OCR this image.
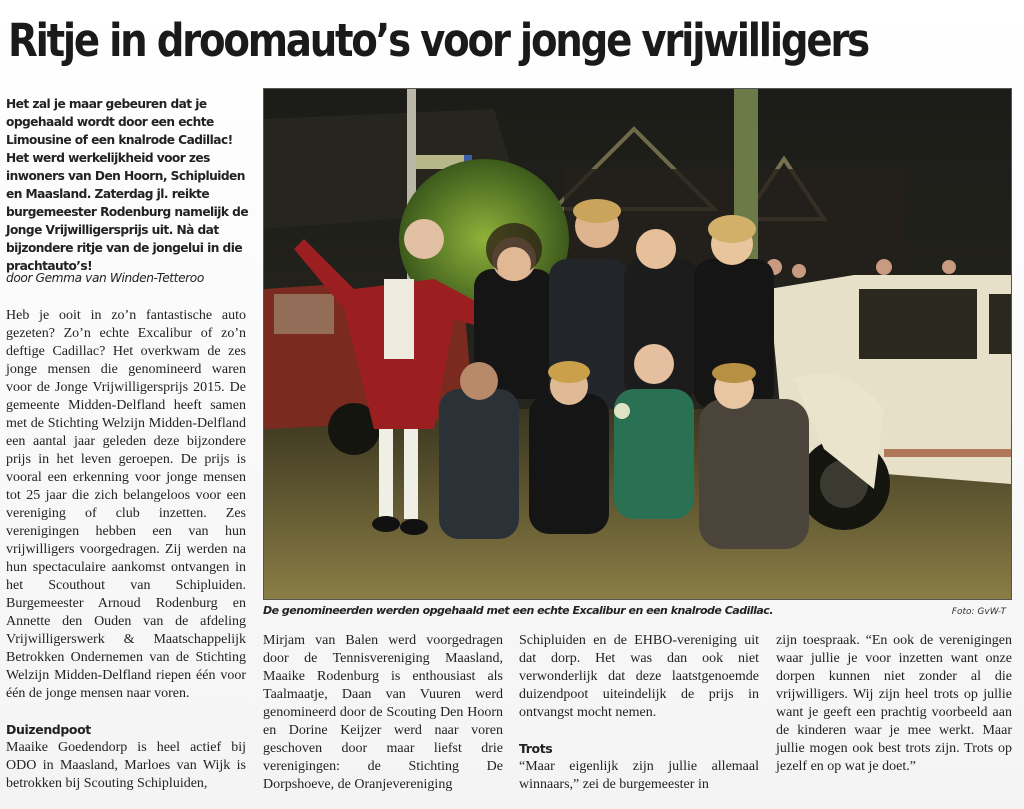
Ritje in droomauto’s voor jonge vrijwilligers
Het zal je maar gebeuren dat je opgehaald wordt door een echte Limousine of een knalrode Cadillac! Het werd werkelijkheid voor zes inwoners van Den Hoorn, Schipluiden en Maasland. Zaterdag jl. reikte burgemeester Rodenburg namelijk de Jonge Vrijwilligersprijs uit. Nà dat bijzondere ritje van de jongelui in die prachtauto’s!
door Gemma van Winden-Tetteroo

Heb je ooit in zo’n fantastische auto gezeten? Zo’n echte Excalibur of zo’n deftige Cadillac? Het overkwam de zes jonge mensen die genomineerd waren voor de Jonge Vrijwilligersprijs 2015. De gemeente Midden-Delfland heeft samen met de Stichting Welzijn Midden-Delfland een aantal jaar geleden deze bijzondere prijs in het leven geroepen. De prijs is vooral een erkenning voor jonge mensen tot 25 jaar die zich belangeloos voor een vereniging of club inzetten. Zes verenigingen hebben een van hun vrijwilligers voorgedragen. Zij werden na hun spectaculaire aankomst ontvangen in het Scouthout van Schipluiden. Burgemeester Arnoud Rodenburg en Annette den Ouden van de afdeling Vrijwilligerswerk & Maatschappelijk Betrokken Ondernemen van de Stichting Welzijn Midden-Delfland riepen één voor één de jonge mensen naar voren.

Duizendpoot

Maaike Goedendorp is heel actief bij ODO in Maasland, Marloes van Wijk is betrokken bij Scouting Schipluiden,

De genomineerden werden opgehaald met een echte Excalibur en een knalrode Cadillac.	Foto: GvW-T

Mirjam van Balen werd voorgedragen door de Tennisvereniging Maasland, Maaike Rodenburg is enthousiast als Taalmaatje, Daan van Vuuren werd genomineerd door de Scouting Den Hoorn en Dorine Keijzer werd naar voren geschoven door maar liefst drie verenigingen: de Stichting De Dorpshoeve, de Oranjevereniging

Schipluiden en de EHBO-vereniging uit dat dorp. Het was dan ook niet verwonderlijk dat deze laatstgenoemde duizendpoot uiteindelijk de prijs in ontvangst mocht nemen.

Trots

“Maar eigenlijk zijn jullie allemaal winnaars,” zei de burgemeester in

zijn toespraak. “En ook de verenigingen waar jullie je voor inzetten want onze dorpen kunnen niet zonder al die vrijwilligers. Wij zijn heel trots op jullie want je geeft een prachtig voorbeeld aan de kinderen waar je mee werkt. Maar jullie mogen ook best trots zijn. Trots op jezelf en op wat je doet.”
